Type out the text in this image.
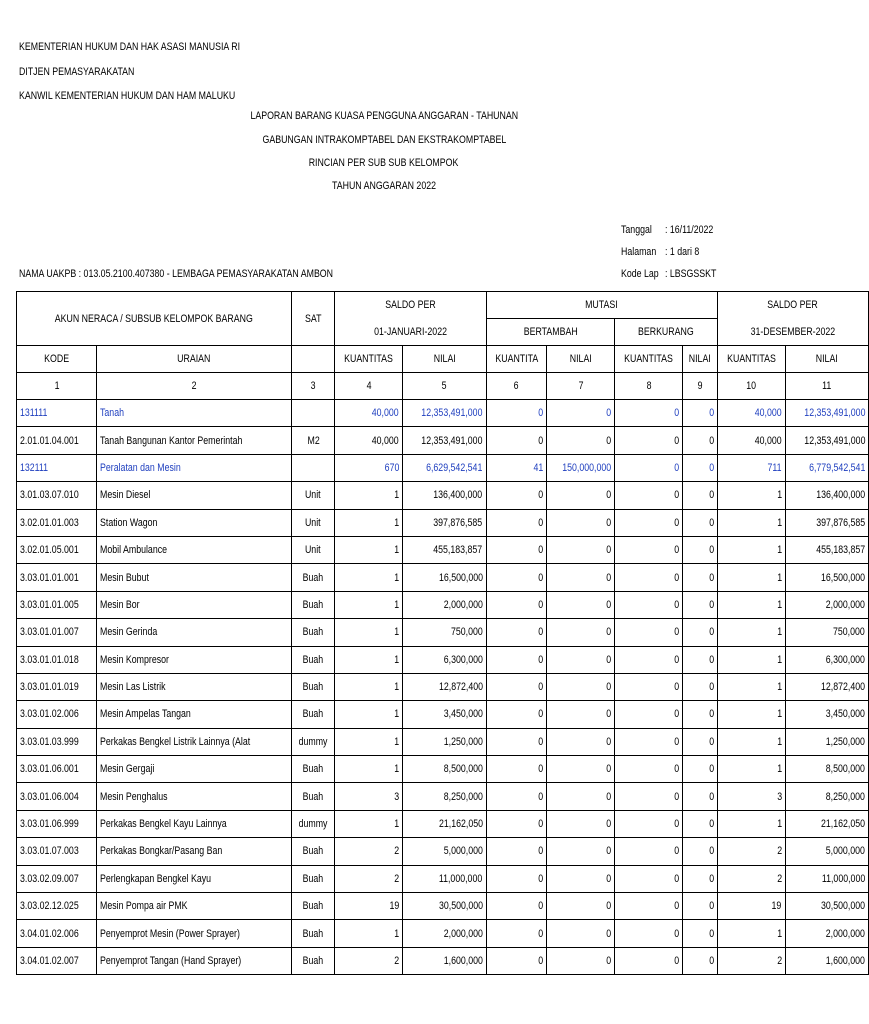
KEMENTERIAN HUKUM DAN HAK ASASI MANUSIA RI
DITJEN PEMASYARAKATAN
KANWIL KEMENTERIAN HUKUM DAN HAM MALUKU
LAPORAN BARANG KUASA PENGGUNA ANGGARAN - TAHUNAN
GABUNGAN INTRAKOMPTABEL DAN EKSTRAKOMPTABEL
RINCIAN PER SUB SUB KELOMPOK
TAHUN ANGGARAN 2022
Tanggal : 16/11/2022
Halaman : 1 dari 8
Kode Lap : LBSGSSKT
NAMA UAKPB : 013.05.2100.407380 - LEMBAGA PEMASYARAKATAN AMBON
AKUN NERACA / SUBSUB KELOMPOK BARANG		SAT	SALDO PER		MUTASI				SALDO PER	
			01-JANUARI-2022		BERTAMBAH		BERKURANG		31-DESEMBER-2022	
KODE	URAIAN		KUANTITAS	NILAI	KUANTITA	NILAI	KUANTITAS	NILAI	KUANTITAS	NILAI
1	2	3	4	5	6	7	8	9	10	11
131111	Tanah		40,000	12,353,491,000	0	0	0	0	40,000	12,353,491,000
2.01.01.04.001	Tanah Bangunan Kantor Pemerintah	M2	40,000	12,353,491,000	0	0	0	0	40,000	12,353,491,000
132111	Peralatan dan Mesin		670	6,629,542,541	41	150,000,000	0	0	711	6,779,542,541
3.01.03.07.010	Mesin Diesel	Unit	1	136,400,000	0	0	0	0	1	136,400,000
3.02.01.01.003	Station Wagon	Unit	1	397,876,585	0	0	0	0	1	397,876,585
3.02.01.05.001	Mobil Ambulance	Unit	1	455,183,857	0	0	0	0	1	455,183,857
3.03.01.01.001	Mesin Bubut	Buah	1	16,500,000	0	0	0	0	1	16,500,000
3.03.01.01.005	Mesin Bor	Buah	1	2,000,000	0	0	0	0	1	2,000,000
3.03.01.01.007	Mesin Gerinda	Buah	1	750,000	0	0	0	0	1	750,000
3.03.01.01.018	Mesin Kompresor	Buah	1	6,300,000	0	0	0	0	1	6,300,000
3.03.01.01.019	Mesin Las Listrik	Buah	1	12,872,400	0	0	0	0	1	12,872,400
3.03.01.02.006	Mesin Ampelas Tangan	Buah	1	3,450,000	0	0	0	0	1	3,450,000
3.03.01.03.999	Perkakas Bengkel Listrik Lainnya (Alat	dummy	1	1,250,000	0	0	0	0	1	1,250,000
3.03.01.06.001	Mesin Gergaji	Buah	1	8,500,000	0	0	0	0	1	8,500,000
3.03.01.06.004	Mesin Penghalus	Buah	3	8,250,000	0	0	0	0	3	8,250,000
3.03.01.06.999	Perkakas Bengkel Kayu Lainnya	dummy	1	21,162,050	0	0	0	0	1	21,162,050
3.03.01.07.003	Perkakas Bongkar/Pasang Ban	Buah	2	5,000,000	0	0	0	0	2	5,000,000
3.03.02.09.007	Perlengkapan Bengkel Kayu	Buah	2	11,000,000	0	0	0	0	2	11,000,000
3.03.02.12.025	Mesin Pompa air PMK	Buah	19	30,500,000	0	0	0	0	19	30,500,000
3.04.01.02.006	Penyemprot Mesin (Power Sprayer)	Buah	1	2,000,000	0	0	0	0	1	2,000,000
3.04.01.02.007	Penyemprot Tangan (Hand Sprayer)	Buah	2	1,600,000	0	0	0	0	2	1,600,000
